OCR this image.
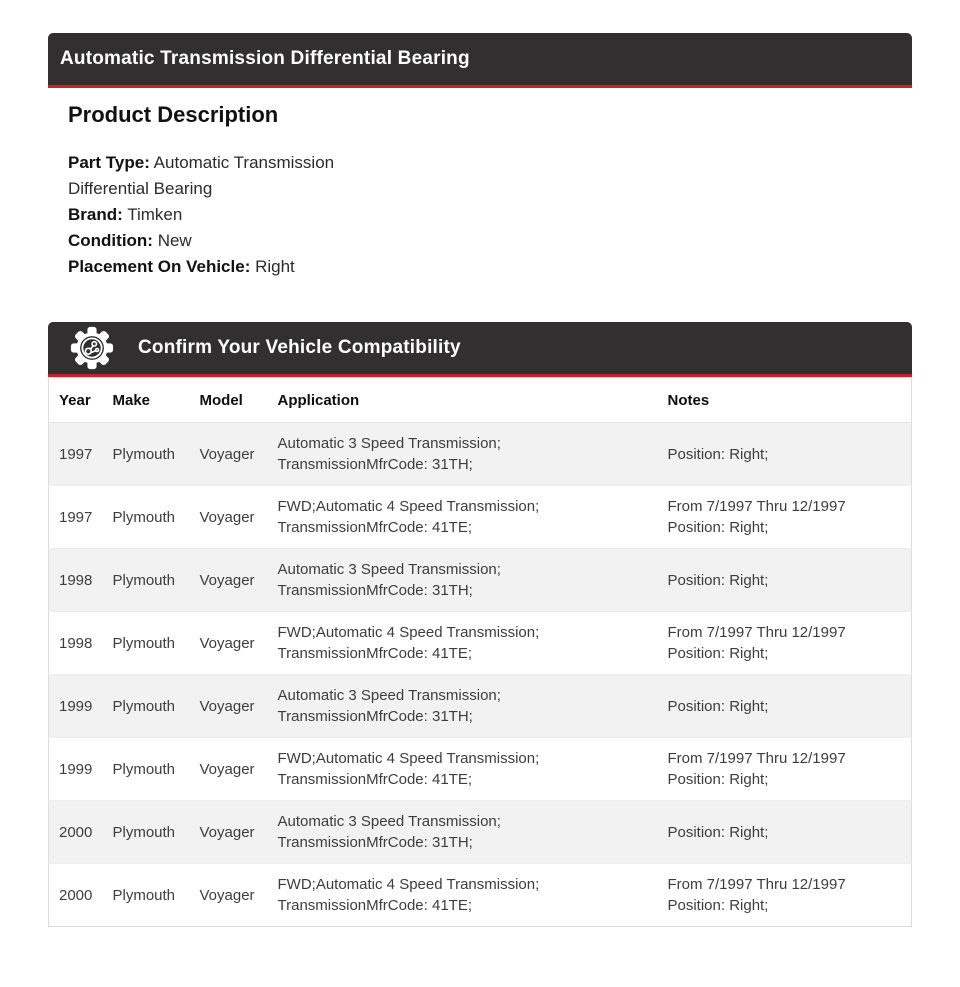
Automatic Transmission Differential Bearing
Product Description
Part Type: Automatic Transmission Differential Bearing
Brand: Timken
Condition: New
Placement On Vehicle: Right
Confirm Your Vehicle Compatibility
Year	Make	Model	Application	Notes
1997	Plymouth	Voyager	Automatic 3 Speed Transmission;
TransmissionMfrCode: 31TH;	Position: Right;

1997	Plymouth	Voyager	FWD;Automatic 4 Speed Transmission;
TransmissionMfrCode: 41TE;	From 7/1997 Thru 12/1997
Position: Right;

1998	Plymouth	Voyager	Automatic 3 Speed Transmission;
TransmissionMfrCode: 31TH;	Position: Right;

1998	Plymouth	Voyager	FWD;Automatic 4 Speed Transmission;
TransmissionMfrCode: 41TE;	From 7/1997 Thru 12/1997
Position: Right;

1999	Plymouth	Voyager	Automatic 3 Speed Transmission;
TransmissionMfrCode: 31TH;	Position: Right;

1999	Plymouth	Voyager	FWD;Automatic 4 Speed Transmission;
TransmissionMfrCode: 41TE;	From 7/1997 Thru 12/1997
Position: Right;

2000	Plymouth	Voyager	Automatic 3 Speed Transmission;
TransmissionMfrCode: 31TH;	Position: Right;

2000	Plymouth	Voyager	FWD;Automatic 4 Speed Transmission;
TransmissionMfrCode: 41TE;	From 7/1997 Thru 12/1997
Position: Right;
